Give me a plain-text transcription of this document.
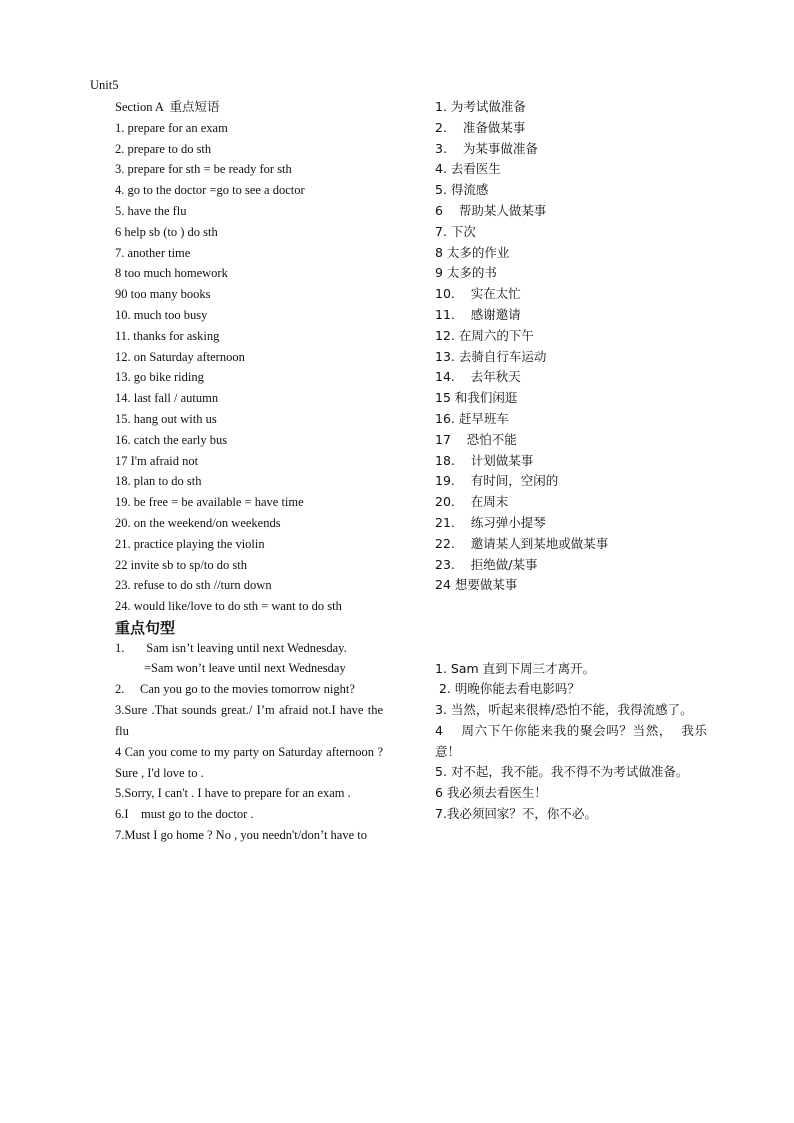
Unit5
Section A  重点短语
1. prepare for an exam
2. prepare to do sth
3. prepare for sth = be ready for sth
4. go to the doctor =go to see a doctor
5. have the flu
6 help sb (to ) do sth
7. another time
8 too much homework
90 too many books
10. much too busy
11. thanks for asking
12. on Saturday afternoon
13. go bike riding
14. last fall / autumn
15. hang out with us
16. catch the early bus
17 I'm afraid not
18. plan to do sth
19. be free = be available = have time
20. on the weekend/on weekends
21. practice playing the violin
22 invite sb to sp/to do sth
23. refuse to do sth //turn down
24. would like/love to do sth = want to do sth
1. 为考试做准备
2.    准备做某事
3.    为某事做准备
4. 去看医生
5. 得流感
6    帮助某人做某事
7. 下次
8 太多的作业
9 太多的书
10.    实在太忙
11.    感谢邀请
12. 在周六的下午
13. 去骑自行车运动
14.    去年秋天
15 和我们闲逛
16. 赶早班车
17    恐怕不能
18.    计划做某事
19.    有时间，空闲的
20.    在周末
21.    练习弹小提琴
22.    邀请某人到某地或做某事
23.    拒绝做/某事
24 想要做某事
重点句型
1.       Sam isn’t leaving until next Wednesday.
=Sam won’t leave until next Wednesday
2.     Can you go to the movies tomorrow night?
3.Sure .That sounds great./ I’m afraid not.I have the flu
4 Can you come to my party on Saturday afternoon ? Sure , I'd love to .
5.Sorry, I can't . I have to prepare for an exam .
6.I    must go to the doctor .
7.Must I go home ? No , you needn't/don’t have to
1. Sam 直到下周三才离开。
2. 明晚你能去看电影吗？
3. 当然，听起来很棒/恐怕不能，我得流感了。
4    周六下午你能来我的聚会吗？当然，  我乐意！
5. 对不起，我不能。我不得不为考试做准备。
6 我必须去看医生！
7.我必须回家？不，你不必。
